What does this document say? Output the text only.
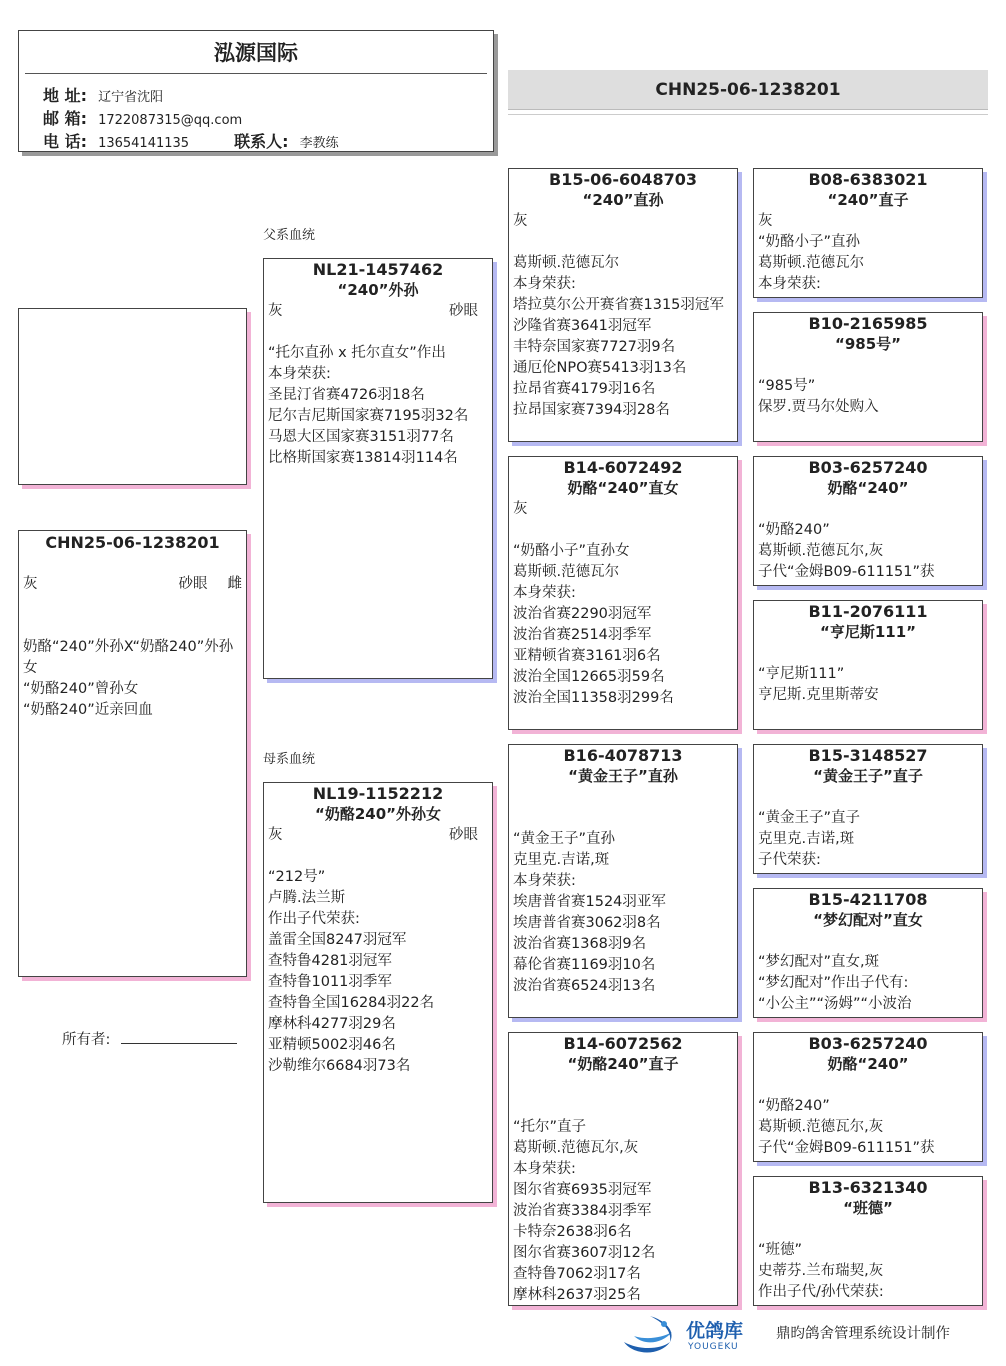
泓源国际
地 址: 辽宁省沈阳
邮 箱: 1722087315@qq.com
电 话: 13654141135	联系人: 李教练
CHN25-06-1238201
父系血统
母系血统
CHN25-06-1238201
灰	砂眼 雌
奶酪“240”外孙X“奶酪240”外孙女
“奶酪240”曾孙女
“奶酪240”近亲回血
所有者:
NL21-1457462
“240”外孙
灰	砂眼

“托尔直孙 x 托尔直女”作出
本身荣获:
圣昆汀省赛4726羽18名
尼尔吉尼斯国家赛7195羽32名
马恩大区国家赛3151羽77名
比格斯国家赛13814羽114名
NL19-1152212
“奶酪240”外孙女
灰	砂眼

“212号”
卢腾.法兰斯
作出子代荣获:
盖雷全国8247羽冠军
查特鲁4281羽冠军
查特鲁1011羽季军
查特鲁全国16284羽22名
摩林科4277羽29名
亚精顿5002羽46名
沙勒维尔6684羽73名
B15-06-6048703
“240”直孙
灰

葛斯顿.范德瓦尔
本身荣获:
塔拉莫尔公开赛省赛1315羽冠军
沙隆省赛3641羽冠军
丰特奈国家赛7727羽9名
通厄伦NPO赛5413羽13名
拉昂省赛4179羽16名
拉昂国家赛7394羽28名
B14-6072492
奶酪“240”直女
灰

“奶酪小子”直孙女
葛斯顿.范德瓦尔
本身荣获:
波治省赛2290羽冠军
波治省赛2514羽季军
亚精顿省赛3161羽6名
波治全国12665羽59名
波治全国11358羽299名
B16-4078713
“黄金王子”直孙

“黄金王子”直孙
克里克.吉诺,斑
本身荣获:
埃唐普省赛1524羽亚军
埃唐普省赛3062羽8名
波治省赛1368羽9名
幕伦省赛1169羽10名
波治省赛6524羽13名
B14-6072562
“奶酪240”直子

“托尔”直子
葛斯顿.范德瓦尔,灰
本身荣获:
图尔省赛6935羽冠军
波治省赛3384羽季军
卡特奈2638羽6名
图尔省赛3607羽12名
查特鲁7062羽17名
摩林科2637羽25名
B08-6383021
“240”直子
灰
“奶酪小子”直孙
葛斯顿.范德瓦尔
本身荣获:
B10-2165985
“985号”

“985号”
保罗.贾马尔处购入
B03-6257240
奶酪“240”

“奶酪240”
葛斯顿.范德瓦尔,灰
子代“金姆B09-611151”获
B11-2076111
“亨尼斯111”

“亨尼斯111”
亨尼斯.克里斯蒂安
B15-3148527
“黄金王子”直子

“黄金王子”直子
克里克.吉诺,斑
子代荣获:
B15-4211708
“梦幻配对”直女

“梦幻配对”直女,斑
“梦幻配对”作出子代有:
“小公主”“汤姆”“小波治
B03-6257240
奶酪“240”

“奶酪240”
葛斯顿.范德瓦尔,灰
子代“金姆B09-611151”获
B13-6321340
“班德”

“班德”
史蒂芬.兰布瑞契,灰
作出子代/孙代荣获:
优鸽库
YOUGEKU
鼎昀鸽舍管理系统设计制作
